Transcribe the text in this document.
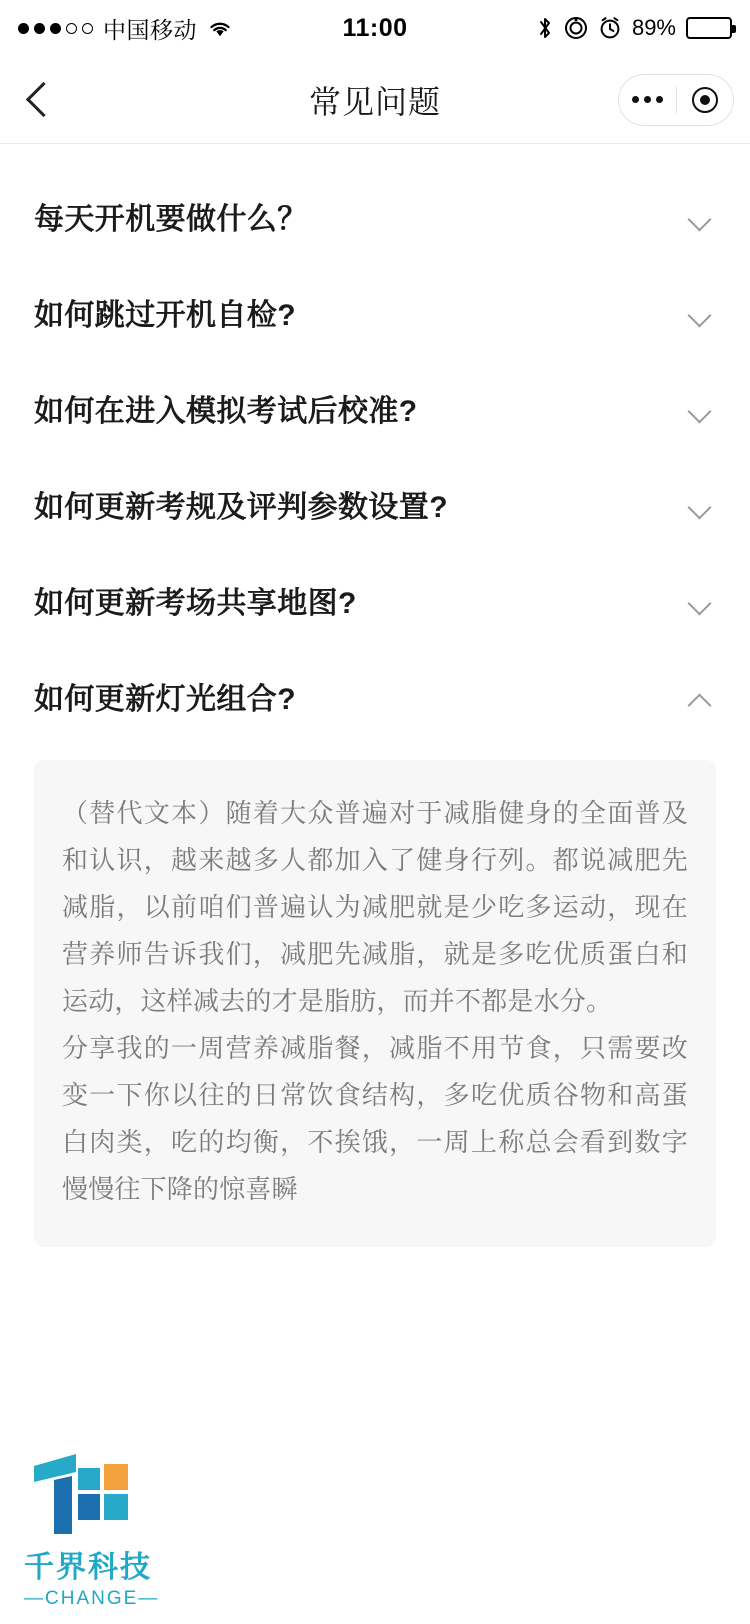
中国移动	11:00	89%
常见问题
每天开机要做什么？
如何跳过开机自检?
如何在进入模拟考试后校准?
如何更新考规及评判参数设置?
如何更新考场共享地图?
如何更新灯光组合?

（替代文本）随着大众普遍对于减脂健身的全面普及和认识，越来越多人都加入了健身行列。都说减肥先减脂，以前咱们普遍认为减肥就是少吃多运动，现在营养师告诉我们，减肥先减脂，就是多吃优质蛋白和运动，这样减去的才是脂肪，而并不都是水分。

分享我的一周营养减脂餐，减脂不用节食，只需要改变一下你以往的日常饮食结构，多吃优质谷物和高蛋白肉类，吃的均衡，不挨饿，一周上称总会看到数字慢慢往下降的惊喜瞬

千界科技
—CHANGE—
